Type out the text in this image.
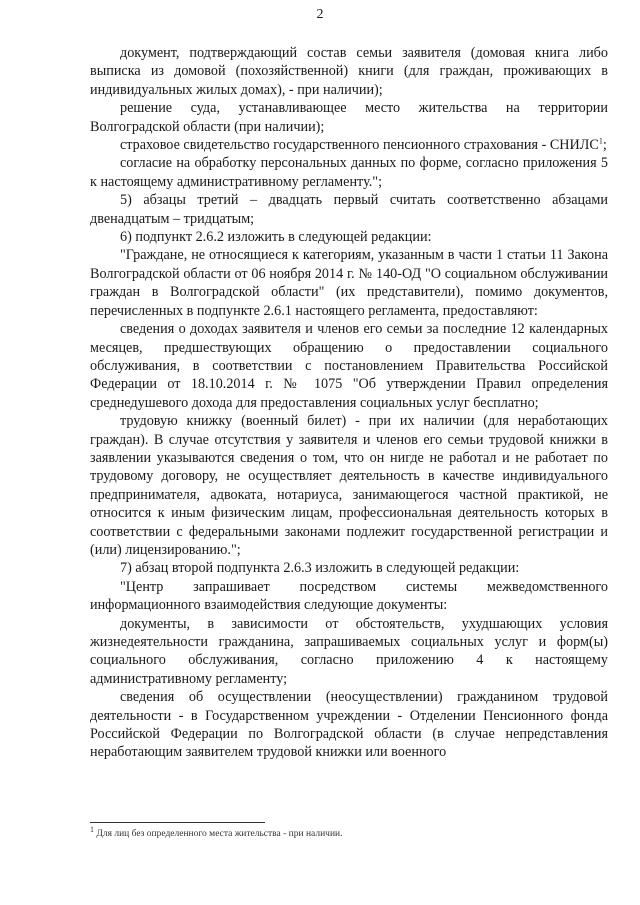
2

документ, подтверждающий состав семьи заявителя (домовая книга либо выписка из домовой (похозяйственной) книги (для граждан, проживающих в индивидуальных жилых домах), - при наличии);

решение суда, устанавливающее место жительства на территории Волгоградской области (при наличии);

страховое свидетельство государственного пенсионного страхования - СНИЛС$^1$;

согласие на обработку персональных данных по форме, согласно приложения 5 к настоящему административному регламенту.";

5) абзацы третий – двадцать первый считать соответственно абзацами двенадцатым – тридцатым;

6) подпункт 2.6.2 изложить в следующей редакции:

"Граждане, не относящиеся к категориям, указанным в части 1 статьи 11 Закона Волгоградской области от 06 ноября 2014 г. № 140-ОД "О социальном обслуживании граждан в Волгоградской области" (их представители), помимо документов, перечисленных в подпункте 2.6.1 настоящего регламента, предоставляют:

сведения о доходах заявителя и членов его семьи за последние 12 календарных месяцев, предшествующих обращению о предоставлении социального обслуживания, в соответствии с постановлением Правительства Российской Федерации от 18.10.2014 г. № 1075 "Об утверждении Правил определения среднедушевого дохода для предоставления социальных услуг бесплатно;

трудовую книжку (военный билет) - при их наличии (для неработающих граждан). В случае отсутствия у заявителя и членов его семьи трудовой книжки в заявлении указываются сведения о том, что он нигде не работал и не работает по трудовому договору, не осуществляет деятельность в качестве индивидуального предпринимателя, адвоката, нотариуса, занимающегося частной практикой, не относится к иным физическим лицам, профессиональная деятельность которых в соответствии с федеральными законами подлежит государственной регистрации и (или) лицензированию.";

7) абзац второй подпункта 2.6.3 изложить в следующей редакции:

"Центр запрашивает посредством системы межведомственного информационного взаимодействия следующие документы:

документы, в зависимости от обстоятельств, ухудшающих условия жизнедеятельности гражданина, запрашиваемых социальных услуг и форм(ы) социального обслуживания, согласно приложению 4 к настоящему административному регламенту;

сведения об осуществлении (неосуществлении) гражданином трудовой деятельности - в Государственном учреждении - Отделении Пенсионного фонда Российской Федерации по Волгоградской области (в случае непредставления неработающим заявителем трудовой книжки или военного

$^1$ Для лиц без определенного места жительства - при наличии.
